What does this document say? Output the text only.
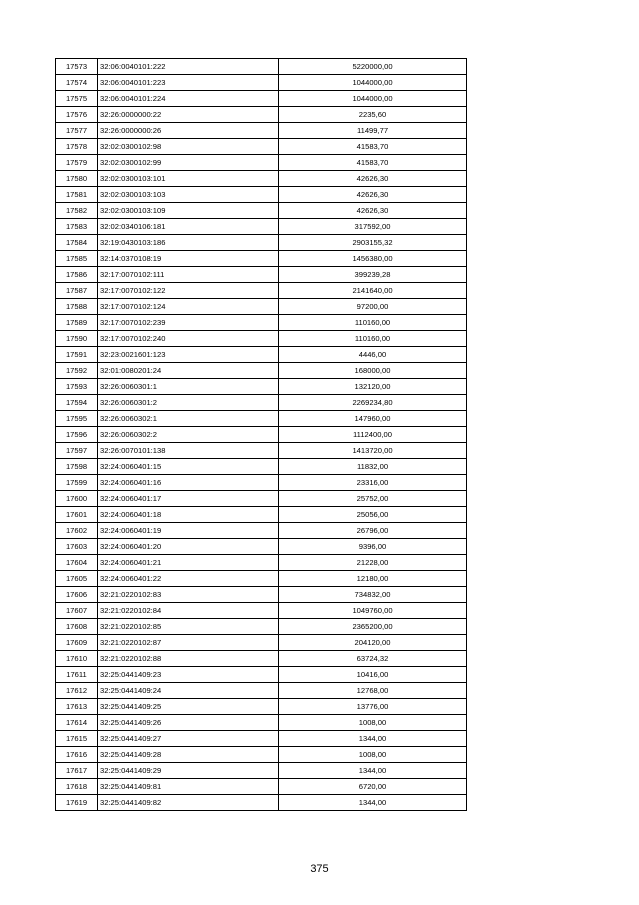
17573	32:06:0040101:222	5220000,00
17574	32:06:0040101:223	1044000,00
17575	32:06:0040101:224	1044000,00
17576	32:26:0000000:22	2235,60
17577	32:26:0000000:26	11499,77
17578	32:02:0300102:98	41583,70
17579	32:02:0300102:99	41583,70
17580	32:02:0300103:101	42626,30
17581	32:02:0300103:103	42626,30
17582	32:02:0300103:109	42626,30
17583	32:02:0340106:181	317592,00
17584	32:19:0430103:186	2903155,32
17585	32:14:0370108:19	1456380,00
17586	32:17:0070102:111	399239,28
17587	32:17:0070102:122	2141640,00
17588	32:17:0070102:124	97200,00
17589	32:17:0070102:239	110160,00
17590	32:17:0070102:240	110160,00
17591	32:23:0021601:123	4446,00
17592	32:01:0080201:24	168000,00
17593	32:26:0060301:1	132120,00
17594	32:26:0060301:2	2269234,80
17595	32:26:0060302:1	147960,00
17596	32:26:0060302:2	1112400,00
17597	32:26:0070101:138	1413720,00
17598	32:24:0060401:15	11832,00
17599	32:24:0060401:16	23316,00
17600	32:24:0060401:17	25752,00
17601	32:24:0060401:18	25056,00
17602	32:24:0060401:19	26796,00
17603	32:24:0060401:20	9396,00
17604	32:24:0060401:21	21228,00
17605	32:24:0060401:22	12180,00
17606	32:21:0220102:83	734832,00
17607	32:21:0220102:84	1049760,00
17608	32:21:0220102:85	2365200,00
17609	32:21:0220102:87	204120,00
17610	32:21:0220102:88	63724,32
17611	32:25:0441409:23	10416,00
17612	32:25:0441409:24	12768,00
17613	32:25:0441409:25	13776,00
17614	32:25:0441409:26	1008,00
17615	32:25:0441409:27	1344,00
17616	32:25:0441409:28	1008,00
17617	32:25:0441409:29	1344,00
17618	32:25:0441409:81	6720,00
17619	32:25:0441409:82	1344,00
375
